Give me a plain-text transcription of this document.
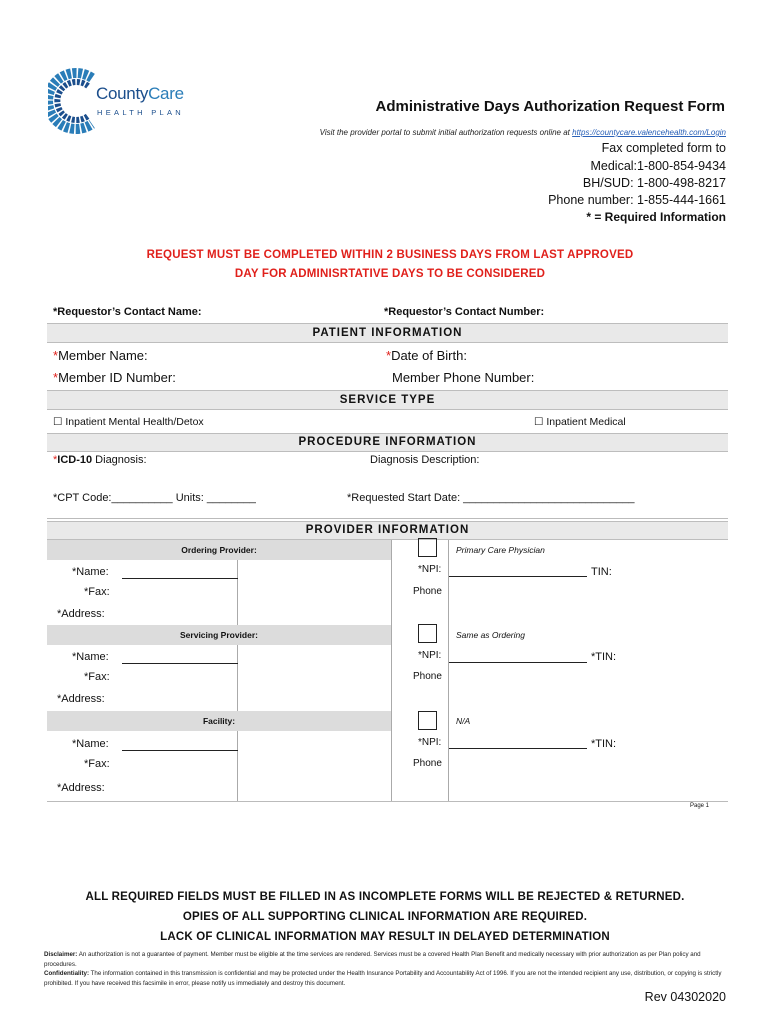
CountyCare
HEALTH PLAN	Administrative Days Authorization Request Form
Visit the provider portal to submit initial authorization requests online at https://countycare.valencehealth.com/Login
Fax completed form to
Medical:1-800-854-9434
BH/SUD: 1-800-498-8217
Phone number: 1-855-444-1661
* = Required Information
REQUEST MUST BE COMPLETED WITHIN 2 BUSINESS DAYS FROM LAST APPROVED
DAY FOR ADMINISRTATIVE DAYS TO BE CONSIDERED
*Requestor’s Contact Name:	*Requestor’s Contact Number:
PATIENT INFORMATION
*Member Name:	*Date of Birth:
*Member ID Number:	Member Phone Number:
SERVICE TYPE
☐ Inpatient Mental Health/Detox	☐ Inpatient Medical
PROCEDURE INFORMATION
*ICD-10 Diagnosis:	Diagnosis Description:
*CPT Code:__________ Units: ________	*Requested Start Date: ____________________________
PROVIDER INFORMATION
Ordering Provider:	Primary Care Physician
*Name:	*NPI:	TIN:
*Fax:	Phone
*Address:
Servicing Provider:	Same as Ordering
*Name:	*NPI:	*TIN:
*Fax:	Phone
*Address:
Facility:	N/A
*Name:	*NPI:	*TIN:
*Fax:	Phone
*Address:
Page 1
ALL REQUIRED FIELDS MUST BE FILLED IN AS INCOMPLETE FORMS WILL BE REJECTED & RETURNED.
OPIES OF ALL SUPPORTING CLINICAL INFORMATION ARE REQUIRED.
LACK OF CLINICAL INFORMATION MAY RESULT IN DELAYED DETERMINATION
Disclaimer: An authorization is not a guarantee of payment. Member must be eligible at the time services are rendered. Services must be a covered Health Plan Benefit and medically necessary with prior authorization as per Plan policy and procedures.
Confidentiality: The information contained in this transmission is confidential and may be protected under the Health Insurance Portability and Accountability Act of 1996. If you are not the intended recipient any use, distribution, or copying is strictly prohibited. If you have received this facsimile in error, please notify us immediately and destroy this document.
Rev 04302020
